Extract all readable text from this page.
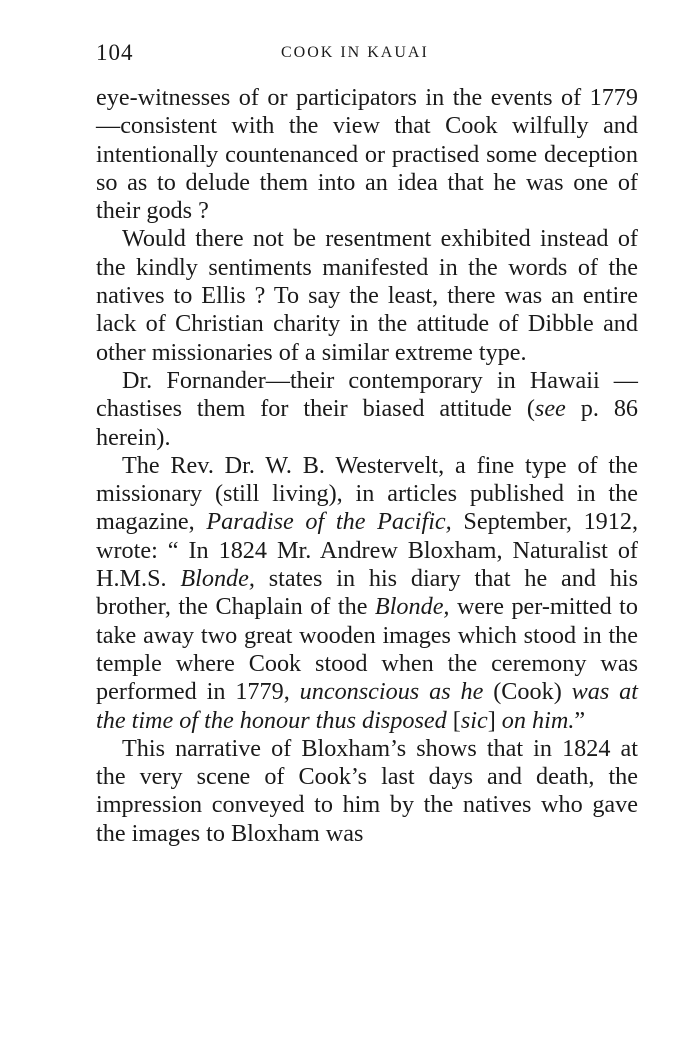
104	COOK IN KAUAI

eye-witnesses of or participators in the events of 1779—consistent with the view that Cook wilfully and intentionally countenanced or practised some deception so as to delude them into an idea that he was one of their gods ?

Would there not be resentment exhibited instead of the kindly sentiments manifested in the words of the natives to Ellis ? To say the least, there was an entire lack of Christian charity in the attitude of Dibble and other missionaries of a similar extreme type.

Dr. Fornander—their contemporary in Hawaii —chastises them for their biased attitude (see p. 86 herein).

The Rev. Dr. W. B. Westervelt, a fine type of the missionary (still living), in articles published in the magazine, Paradise of the Pacific, September, 1912, wrote: “ In 1824 Mr. Andrew Bloxham, Naturalist of H.M.S. Blonde, states in his diary that he and his brother, the Chaplain of the Blonde, were per-mitted to take away two great wooden images which stood in the temple where Cook stood when the ceremony was performed in 1779, unconscious as he (Cook) was at the time of the honour thus disposed [sic] on him.”

This narrative of Bloxham’s shows that in 1824 at the very scene of Cook’s last days and death, the impression conveyed to him by the natives who gave the images to Bloxham was
